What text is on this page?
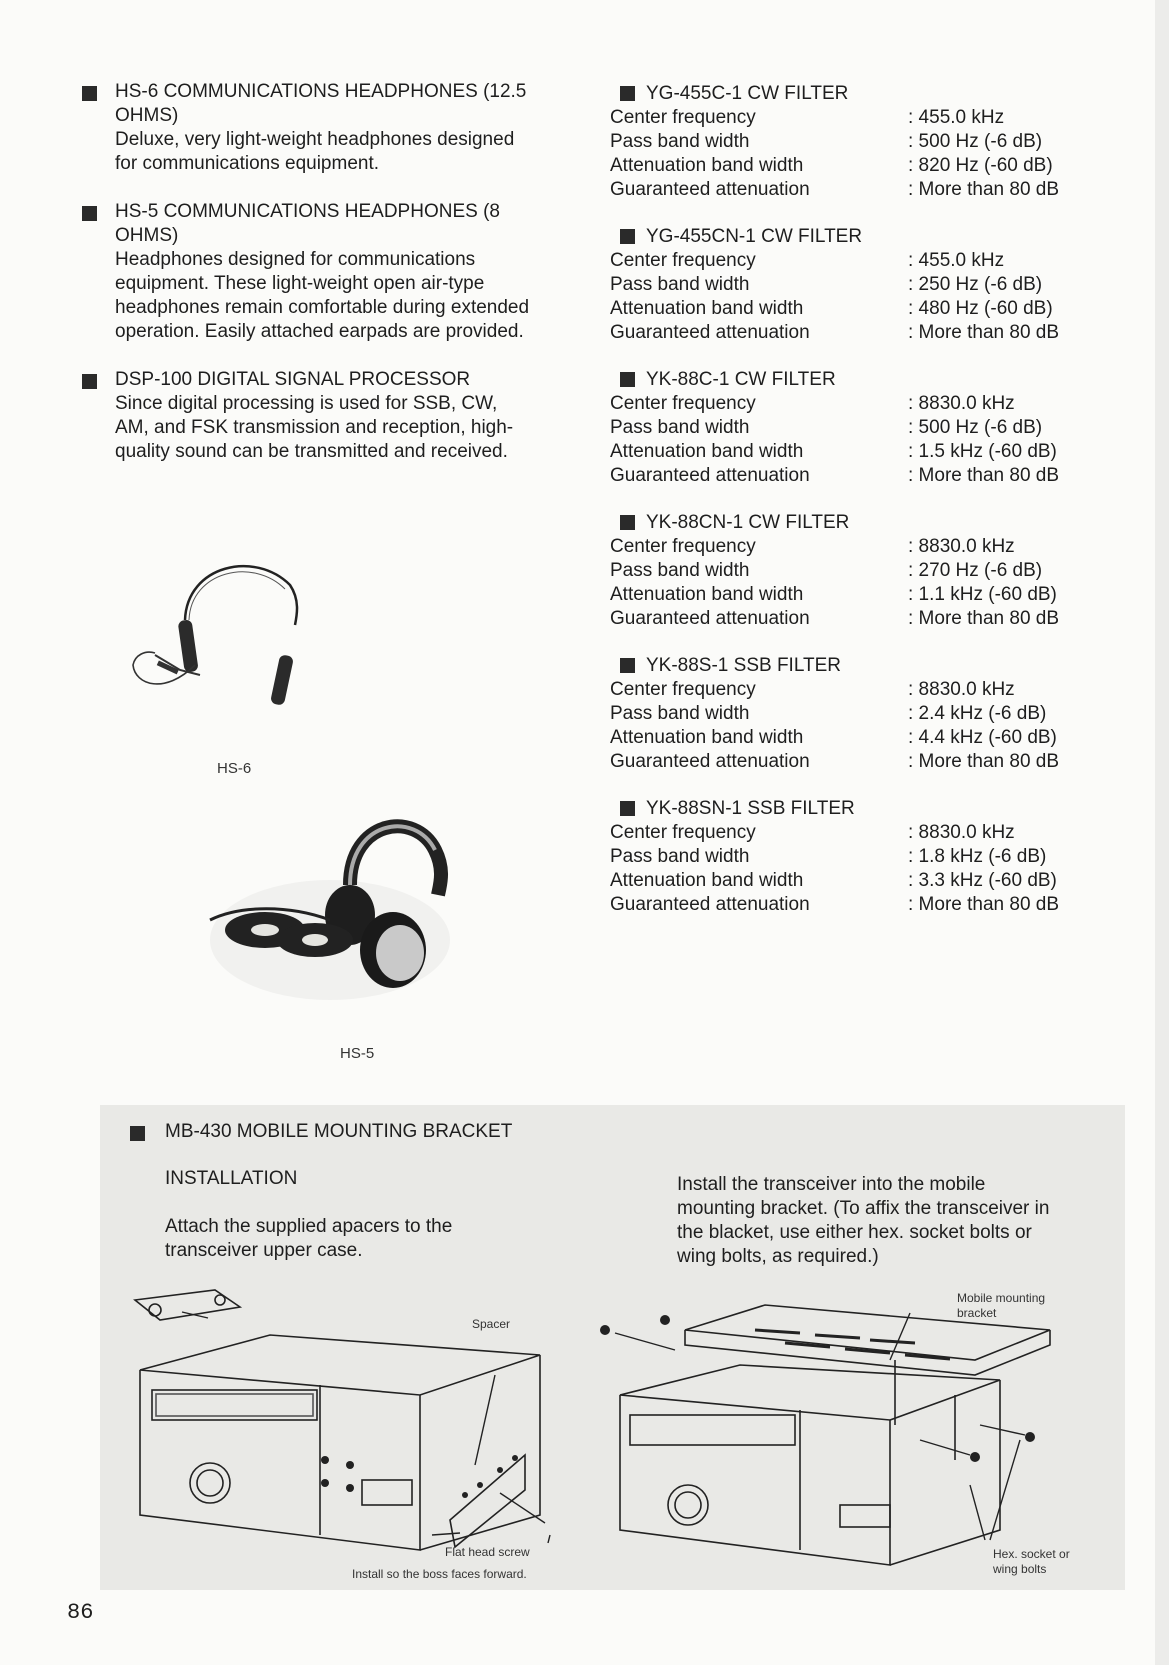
HS-6 COMMUNICATIONS HEADPHONES (12.5
OHMS)
Deluxe, very light-weight headphones designed
for communications equipment.
HS-5 COMMUNICATIONS HEADPHONES (8
OHMS)
Headphones designed for communications
equipment. These light-weight open air-type
headphones remain comfortable during extended
operation. Easily attached earpads are provided.
DSP-100 DIGITAL SIGNAL PROCESSOR
Since digital processing is used for SSB, CW,
AM, and FSK transmission and reception, high-
quality sound can be transmitted and received.
HS-6
HS-5
YG-455C-1 CW FILTER
Center frequency	: 455.0 kHz
Pass band width	: 500 Hz (-6 dB)
Attenuation band width	: 820 Hz (-60 dB)
Guaranteed attenuation	: More than 80 dB
YG-455CN-1 CW FILTER
Center frequency	: 455.0 kHz
Pass band width	: 250 Hz (-6 dB)
Attenuation band width	: 480 Hz (-60 dB)
Guaranteed attenuation	: More than 80 dB
YK-88C-1 CW FILTER
Center frequency	: 8830.0 kHz
Pass band width	: 500 Hz (-6 dB)
Attenuation band width	: 1.5 kHz (-60 dB)
Guaranteed attenuation	: More than 80 dB
YK-88CN-1 CW FILTER
Center frequency	: 8830.0 kHz
Pass band width	: 270 Hz (-6 dB)
Attenuation band width	: 1.1 kHz (-60 dB)
Guaranteed attenuation	: More than 80 dB
YK-88S-1 SSB FILTER
Center frequency	: 8830.0 kHz
Pass band width	: 2.4 kHz (-6 dB)
Attenuation band width	: 4.4 kHz (-60 dB)
Guaranteed attenuation	: More than 80 dB
YK-88SN-1 SSB FILTER
Center frequency	: 8830.0 kHz
Pass band width	: 1.8 kHz (-6 dB)
Attenuation band width	: 3.3 kHz (-60 dB)
Guaranteed attenuation	: More than 80 dB
MB-430 MOBILE MOUNTING BRACKET
INSTALLATION
Attach the supplied apacers to the
transceiver upper case.
Install the transceiver into the mobile
mounting bracket. (To affix the transceiver in
the blacket, use either hex. socket bolts or
wing bolts, as required.)
Spacer
Flat head screw
Install so the boss faces forward.
Mobile mounting
bracket
Hex. socket or
wing bolts
86
